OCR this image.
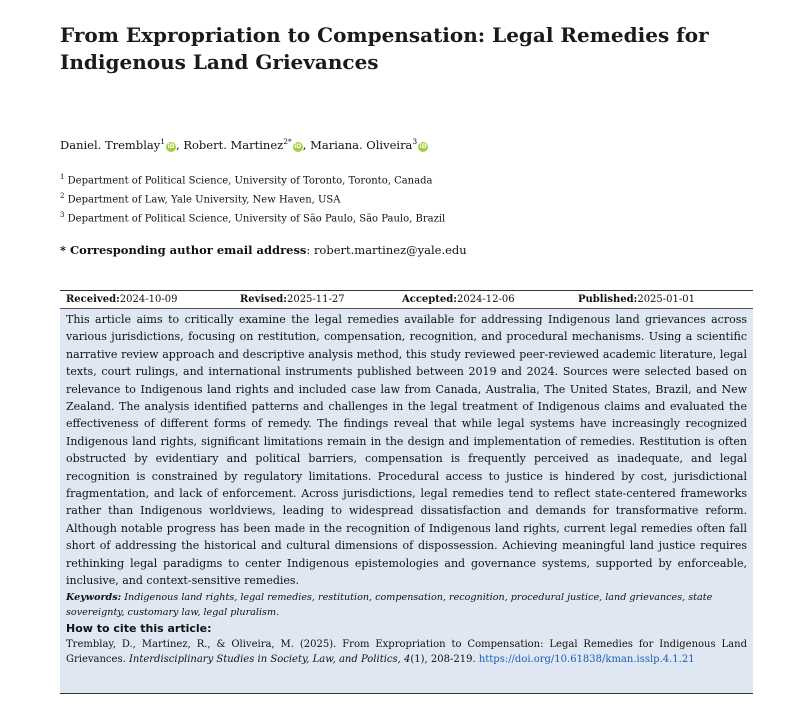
From Expropriation to Compensation: Legal Remedies for Indigenous Land Grievances
Daniel. Tremblay$^1$iD, Robert. Martinez$^{2*}$iD, Mariana. Oliveira$^3$iD
$^1$ Department of Political Science, University of Toronto, Toronto, Canada
$^2$ Department of Law, Yale University, New Haven, USA
$^3$ Department of Political Science, University of São Paulo, São Paulo, Brazil
* Corresponding author email address: robert.martinez@yale.edu
Received: 2024-10-09	Revised: 2025-11-27	Accepted: 2024-12-06	Published: 2025-01-01

This article aims to critically examine the legal remedies available for addressing Indigenous land grievances across various jurisdictions, focusing on restitution, compensation, recognition, and procedural mechanisms. Using a scientific narrative review approach and descriptive analysis method, this study reviewed peer-reviewed academic literature, legal texts, court rulings, and international instruments published between 2019 and 2024. Sources were selected based on relevance to Indigenous land rights and included case law from Canada, Australia, The United States, Brazil, and New Zealand. The analysis identified patterns and challenges in the legal treatment of Indigenous claims and evaluated the effectiveness of different forms of remedy. The findings reveal that while legal systems have increasingly recognized Indigenous land rights, significant limitations remain in the design and implementation of remedies. Restitution is often obstructed by evidentiary and political barriers, compensation is frequently perceived as inadequate, and legal recognition is constrained by regulatory limitations. Procedural access to justice is hindered by cost, jurisdictional fragmentation, and lack of enforcement. Across jurisdictions, legal remedies tend to reflect state-centered frameworks rather than Indigenous worldviews, leading to widespread dissatisfaction and demands for transformative reform. Although notable progress has been made in the recognition of Indigenous land rights, current legal remedies often fall short of addressing the historical and cultural dimensions of dispossession. Achieving meaningful land justice requires rethinking legal paradigms to center Indigenous epistemologies and governance systems, supported by enforceable, inclusive, and context-sensitive remedies.

Keywords: Indigenous land rights, legal remedies, restitution, compensation, recognition, procedural justice, land grievances, state sovereignty, customary law, legal pluralism.

How to cite this article:

Tremblay, D., Martinez, R., & Oliveira, M. (2025). From Expropriation to Compensation: Legal Remedies for Indigenous Land Grievances. Interdisciplinary Studies in Society, Law, and Politics, 4(1), 208-219. https://doi.org/10.61838/kman.isslp.4.1.21
